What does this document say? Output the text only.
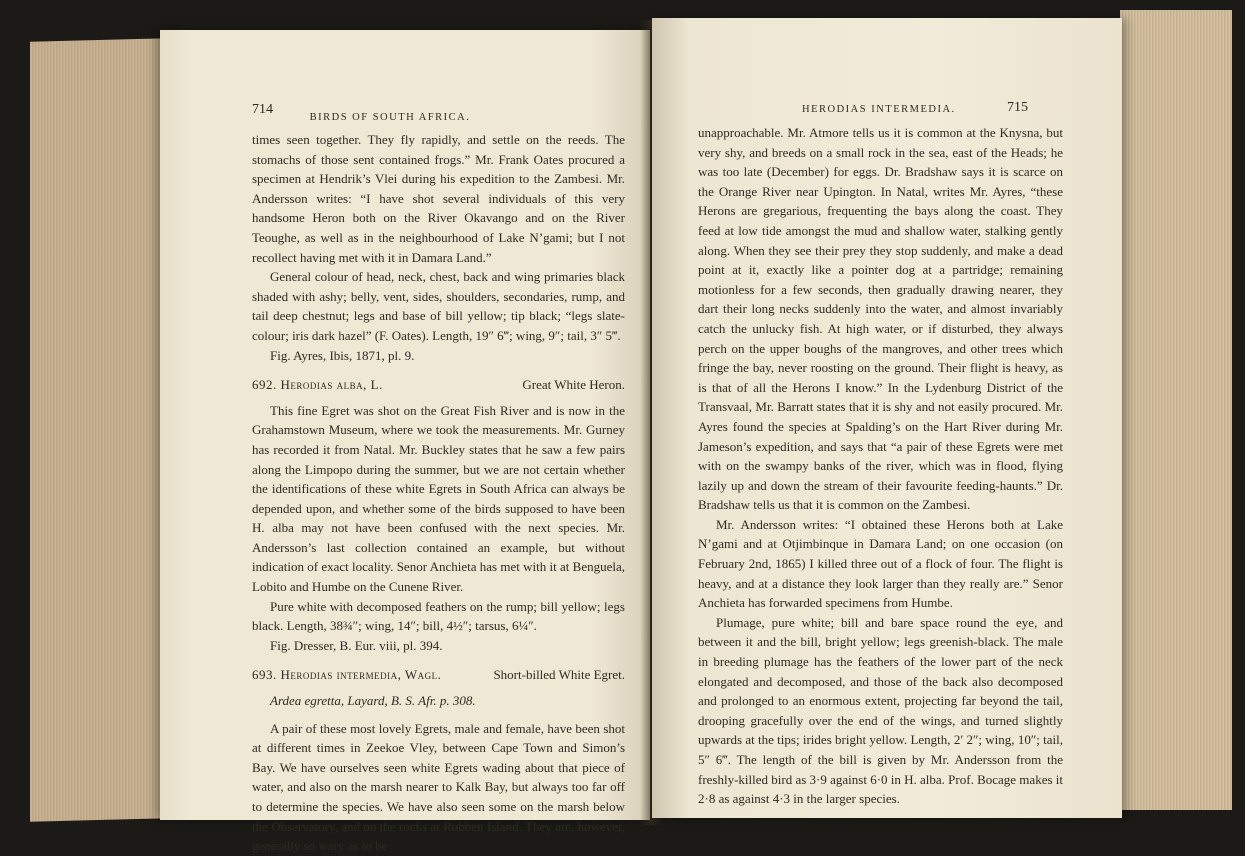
714
BIRDS OF SOUTH AFRICA.

times seen together. They fly rapidly, and settle on the reeds. The stomachs of those sent contained frogs.” Mr. Frank Oates procured a specimen at Hendrik’s Vlei during his expedition to the Zambesi. Mr. Andersson writes: “I have shot several individuals of this very handsome Heron both on the River Okavango and on the River Teoughe, as well as in the neighbourhood of Lake N’gami; but I not recollect having met with it in Damara Land.”

General colour of head, neck, chest, back and wing primaries black shaded with ashy; belly, vent, sides, shoulders, secondaries, rump, and tail deep chestnut; legs and base of bill yellow; tip black; “legs slate-colour; iris dark hazel” (F. Oates). Length, 19″ 6‴; wing, 9″; tail, 3″ 5‴.

Fig. Ayres, Ibis, 1871, pl. 9.

692. Herodias alba, L.	Great White Heron.

This fine Egret was shot on the Great Fish River and is now in the Grahamstown Museum, where we took the measurements. Mr. Gurney has recorded it from Natal. Mr. Buckley states that he saw a few pairs along the Limpopo during the summer, but we are not certain whether the identifications of these white Egrets in South Africa can always be depended upon, and whether some of the birds supposed to have been H. alba may not have been confused with the next species. Mr. Andersson’s last collection contained an example, but without indication of exact locality. Senor Anchieta has met with it at Benguela, Lobito and Humbe on the Cunene River.

Pure white with decomposed feathers on the rump; bill yellow; legs black. Length, 38¾″; wing, 14″; bill, 4½″; tarsus, 6¼″.

Fig. Dresser, B. Eur. viii, pl. 394.

693. Herodias intermedia, Wagl.	Short-billed White Egret.

Ardea egretta, Layard, B. S. Afr. p. 308.

A pair of these most lovely Egrets, male and female, have been shot at different times in Zeekoe Vley, between Cape Town and Simon’s Bay. We have ourselves seen white Egrets wading about that piece of water, and also on the marsh nearer to Kalk Bay, but always too far off to determine the species. We have also seen some on the marsh below the Observatory, and on the rocks at Robben Island. They are, however, generally so wary as to be

HERODIAS INTERMEDIA.	715

unapproachable. Mr. Atmore tells us it is common at the Knysna, but very shy, and breeds on a small rock in the sea, east of the Heads; he was too late (December) for eggs. Dr. Bradshaw says it is scarce on the Orange River near Upington. In Natal, writes Mr. Ayres, “these Herons are gregarious, frequenting the bays along the coast. They feed at low tide amongst the mud and shallow water, stalking gently along. When they see their prey they stop suddenly, and make a dead point at it, exactly like a pointer dog at a partridge; remaining motionless for a few seconds, then gradually drawing nearer, they dart their long necks suddenly into the water, and almost invariably catch the unlucky fish. At high water, or if disturbed, they always perch on the upper boughs of the mangroves, and other trees which fringe the bay, never roosting on the ground. Their flight is heavy, as is that of all the Herons I know.” In the Lydenburg District of the Transvaal, Mr. Barratt states that it is shy and not easily procured. Mr. Ayres found the species at Spalding’s on the Hart River during Mr. Jameson’s expedition, and says that “a pair of these Egrets were met with on the swampy banks of the river, which was in flood, flying lazily up and down the stream of their favourite feeding-haunts.” Dr. Bradshaw tells us that it is common on the Zambesi.

Mr. Andersson writes: “I obtained these Herons both at Lake N’gami and at Otjimbinque in Damara Land; on one occasion (on February 2nd, 1865) I killed three out of a flock of four. The flight is heavy, and at a distance they look larger than they really are.” Senor Anchieta has forwarded specimens from Humbe.

Plumage, pure white; bill and bare space round the eye, and between it and the bill, bright yellow; legs greenish-black. The male in breeding plumage has the feathers of the lower part of the neck elongated and decomposed, and those of the back also decomposed and prolonged to an enormous extent, projecting far beyond the tail, drooping gracefully over the end of the wings, and turned slightly upwards at the tips; irides bright yellow. Length, 2′ 2″; wing, 10″; tail, 5″ 6‴. The length of the bill is given by Mr. Andersson from the freshly-killed bird as 3·9 against 6·0 in H. alba. Prof. Bocage makes it 2·8 as against 4·3 in the larger species.
